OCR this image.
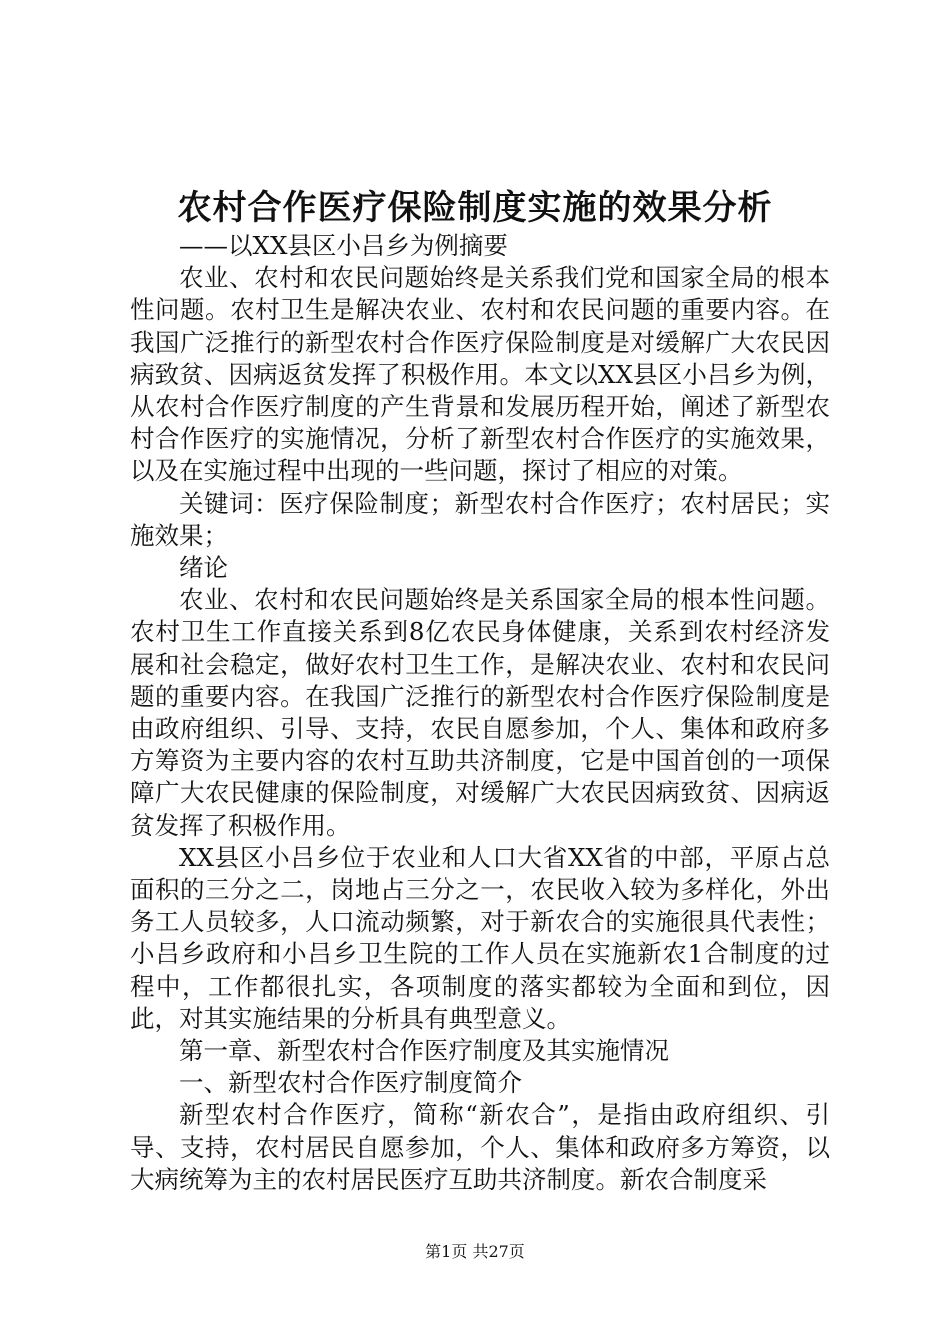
农村合作医疗保险制度实施的效果分析

——以XX县区小吕乡为例摘要

农业、农村和农民问题始终是关系我们党和国家全局的根本性问题。农村卫生是解决农业、农村和农民问题的重要内容。在我国广泛推行的新型农村合作医疗保险制度是对缓解广大农民因病致贫、因病返贫发挥了积极作用。本文以XX县区小吕乡为例，从农村合作医疗制度的产生背景和发展历程开始，阐述了新型农村合作医疗的实施情况，分析了新型农村合作医疗的实施效果，以及在实施过程中出现的一些问题，探讨了相应的对策。

关键词：医疗保险制度；新型农村合作医疗；农村居民；实施效果；

绪论

农业、农村和农民问题始终是关系国家全局的根本性问题。农村卫生工作直接关系到8亿农民身体健康，关系到农村经济发展和社会稳定，做好农村卫生工作，是解决农业、农村和农民问题的重要内容。在我国广泛推行的新型农村合作医疗保险制度是由政府组织、引导、支持，农民自愿参加，个人、集体和政府多方筹资为主要内容的农村互助共济制度，它是中国首创的一项保障广大农民健康的保险制度，对缓解广大农民因病致贫、因病返贫发挥了积极作用。

XX县区小吕乡位于农业和人口大省XX省的中部，平原占总面积的三分之二，岗地占三分之一，农民收入较为多样化，外出务工人员较多，人口流动频繁，对于新农合的实施很具代表性；小吕乡政府和小吕乡卫生院的工作人员在实施新农1合制度的过程中，工作都很扎实，各项制度的落实都较为全面和到位，因此，对其实施结果的分析具有典型意义。

第一章、新型农村合作医疗制度及其实施情况

一、新型农村合作医疗制度简介

新型农村合作医疗，简称“新农合”，是指由政府组织、引导、支持，农村居民自愿参加，个人、集体和政府多方筹资，以大病统筹为主的农村居民医疗互助共济制度。新农合制度采

第1页 共27页
